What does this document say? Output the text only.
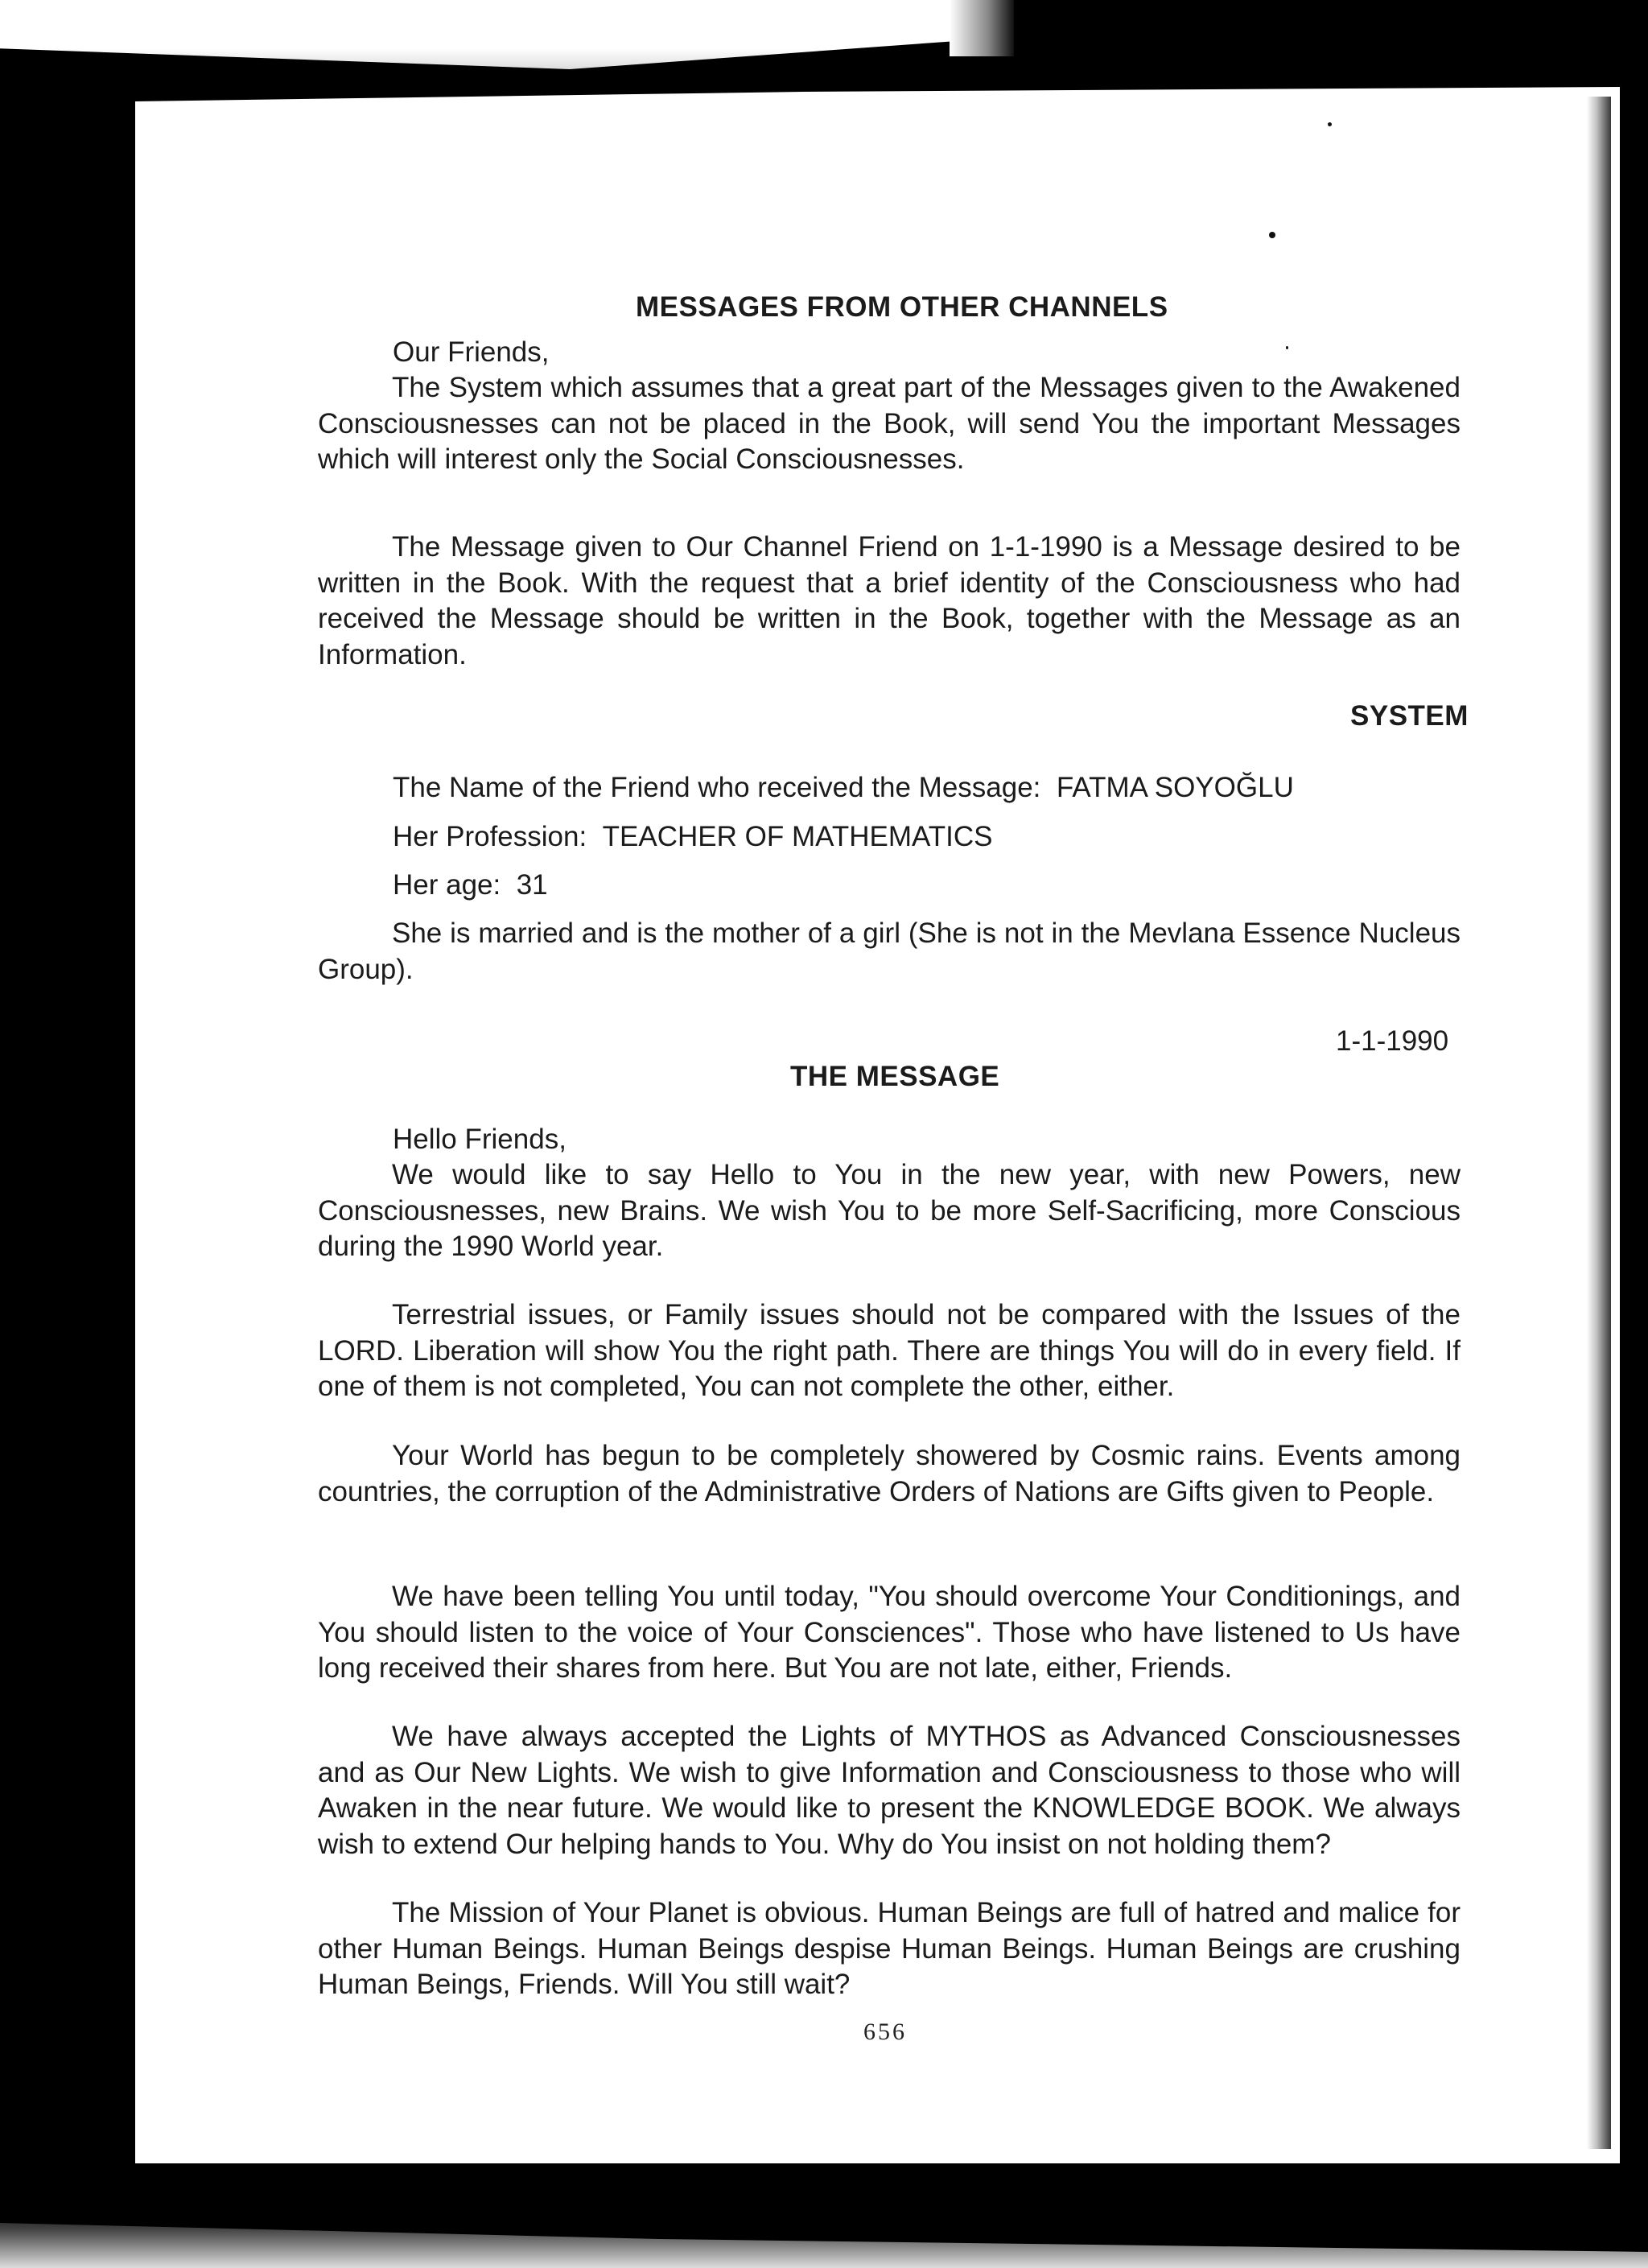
MESSAGES FROM OTHER CHANNELS

Our Friends,

The System which assumes that a great part of the Messages given to the Awakened Consciousnesses can not be placed in the Book, will send You the important Messages which will interest only the Social Consciousnesses.

The Message given to Our Channel Friend on 1-1-1990 is a Message desired to be written in the Book. With the request that a brief identity of the Consciousness who had received the Message should be written in the Book, together with the Message as an Information.

SYSTEM

The Name of the Friend who received the Message: FATMA SOYOĞLU

Her Profession: TEACHER OF MATHEMATICS

Her age: 31

She is married and is the mother of a girl (She is not in the Mevlana Essence Nucleus Group).

1-1-1990

THE MESSAGE

Hello Friends,

We would like to say Hello to You in the new year, with new Powers, new Consciousnesses, new Brains. We wish You to be more Self-Sacrificing, more Conscious during the 1990 World year.

Terrestrial issues, or Family issues should not be compared with the Issues of the LORD. Liberation will show You the right path. There are things You will do in every field. If one of them is not completed, You can not complete the other, either.

Your World has begun to be completely showered by Cosmic rains. Events among countries, the corruption of the Administrative Orders of Nations are Gifts given to People.

We have been telling You until today, "You should overcome Your Conditionings, and You should listen to the voice of Your Consciences". Those who have listened to Us have long received their shares from here. But You are not late, either, Friends.

We have always accepted the Lights of MYTHOS as Advanced Consciousnesses and as Our New Lights. We wish to give Information and Consciousness to those who will Awaken in the near future. We would like to present the KNOWLEDGE BOOK. We always wish to extend Our helping hands to You. Why do You insist on not holding them?

The Mission of Your Planet is obvious. Human Beings are full of hatred and malice for other Human Beings. Human Beings despise Human Beings. Human Beings are crushing Human Beings, Friends. Will You still wait?

656
